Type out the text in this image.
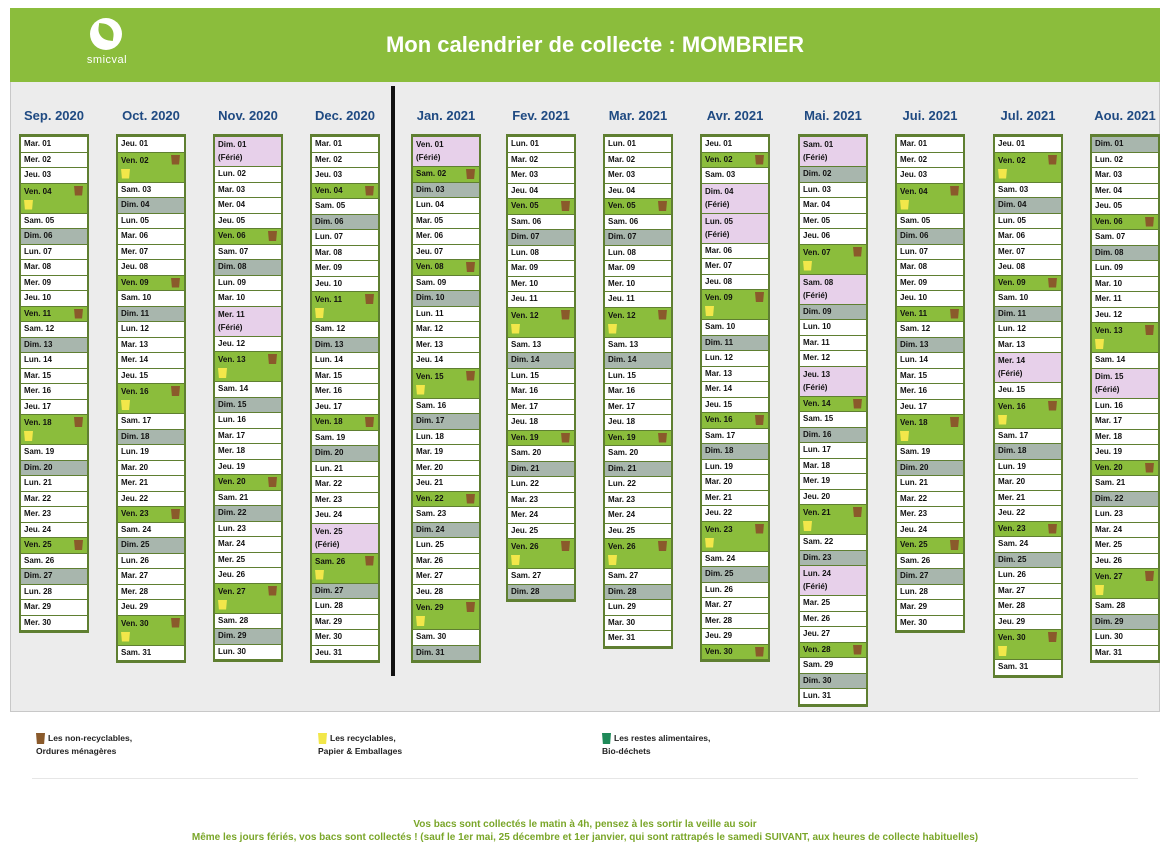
smicval
Mon calendrier de collecte : MOMBRIER
Sep. 2020
Mar. 01
Mer. 02
Jeu. 03
Ven. 04
Sam. 05
Dim. 06
Lun. 07
Mar. 08
Mer. 09
Jeu. 10
Ven. 11
Sam. 12
Dim. 13
Lun. 14
Mar. 15
Mer. 16
Jeu. 17
Ven. 18
Sam. 19
Dim. 20
Lun. 21
Mar. 22
Mer. 23
Jeu. 24
Ven. 25
Sam. 26
Dim. 27
Lun. 28
Mar. 29
Mer. 30
Oct. 2020
Jeu. 01
Ven. 02
Sam. 03
Dim. 04
Lun. 05
Mar. 06
Mer. 07
Jeu. 08
Ven. 09
Sam. 10
Dim. 11
Lun. 12
Mar. 13
Mer. 14
Jeu. 15
Ven. 16
Sam. 17
Dim. 18
Lun. 19
Mar. 20
Mer. 21
Jeu. 22
Ven. 23
Sam. 24
Dim. 25
Lun. 26
Mar. 27
Mer. 28
Jeu. 29
Ven. 30
Sam. 31
Nov. 2020
Dim. 01
(Férié)
Lun. 02
Mar. 03
Mer. 04
Jeu. 05
Ven. 06
Sam. 07
Dim. 08
Lun. 09
Mar. 10
Mer. 11
(Férié)
Jeu. 12
Ven. 13
Sam. 14
Dim. 15
Lun. 16
Mar. 17
Mer. 18
Jeu. 19
Ven. 20
Sam. 21
Dim. 22
Lun. 23
Mar. 24
Mer. 25
Jeu. 26
Ven. 27
Sam. 28
Dim. 29
Lun. 30
Dec. 2020
Mar. 01
Mer. 02
Jeu. 03
Ven. 04
Sam. 05
Dim. 06
Lun. 07
Mar. 08
Mer. 09
Jeu. 10
Ven. 11
Sam. 12
Dim. 13
Lun. 14
Mar. 15
Mer. 16
Jeu. 17
Ven. 18
Sam. 19
Dim. 20
Lun. 21
Mar. 22
Mer. 23
Jeu. 24
Ven. 25
(Férié)
Sam. 26
Dim. 27
Lun. 28
Mar. 29
Mer. 30
Jeu. 31
Jan. 2021
Ven. 01
(Férié)
Sam. 02
Dim. 03
Lun. 04
Mar. 05
Mer. 06
Jeu. 07
Ven. 08
Sam. 09
Dim. 10
Lun. 11
Mar. 12
Mer. 13
Jeu. 14
Ven. 15
Sam. 16
Dim. 17
Lun. 18
Mar. 19
Mer. 20
Jeu. 21
Ven. 22
Sam. 23
Dim. 24
Lun. 25
Mar. 26
Mer. 27
Jeu. 28
Ven. 29
Sam. 30
Dim. 31
Fev. 2021
Lun. 01
Mar. 02
Mer. 03
Jeu. 04
Ven. 05
Sam. 06
Dim. 07
Lun. 08
Mar. 09
Mer. 10
Jeu. 11
Ven. 12
Sam. 13
Dim. 14
Lun. 15
Mar. 16
Mer. 17
Jeu. 18
Ven. 19
Sam. 20
Dim. 21
Lun. 22
Mar. 23
Mer. 24
Jeu. 25
Ven. 26
Sam. 27
Dim. 28
Mar. 2021
Lun. 01
Mar. 02
Mer. 03
Jeu. 04
Ven. 05
Sam. 06
Dim. 07
Lun. 08
Mar. 09
Mer. 10
Jeu. 11
Ven. 12
Sam. 13
Dim. 14
Lun. 15
Mar. 16
Mer. 17
Jeu. 18
Ven. 19
Sam. 20
Dim. 21
Lun. 22
Mar. 23
Mer. 24
Jeu. 25
Ven. 26
Sam. 27
Dim. 28
Lun. 29
Mar. 30
Mer. 31
Avr. 2021
Jeu. 01
Ven. 02
Sam. 03
Dim. 04
(Férié)
Lun. 05
(Férié)
Mar. 06
Mer. 07
Jeu. 08
Ven. 09
Sam. 10
Dim. 11
Lun. 12
Mar. 13
Mer. 14
Jeu. 15
Ven. 16
Sam. 17
Dim. 18
Lun. 19
Mar. 20
Mer. 21
Jeu. 22
Ven. 23
Sam. 24
Dim. 25
Lun. 26
Mar. 27
Mer. 28
Jeu. 29
Ven. 30
Mai. 2021
Sam. 01
(Férié)
Dim. 02
Lun. 03
Mar. 04
Mer. 05
Jeu. 06
Ven. 07
Sam. 08
(Férié)
Dim. 09
Lun. 10
Mar. 11
Mer. 12
Jeu. 13
(Férié)
Ven. 14
Sam. 15
Dim. 16
Lun. 17
Mar. 18
Mer. 19
Jeu. 20
Ven. 21
Sam. 22
Dim. 23
Lun. 24
(Férié)
Mar. 25
Mer. 26
Jeu. 27
Ven. 28
Sam. 29
Dim. 30
Lun. 31
Jui. 2021
Mar. 01
Mer. 02
Jeu. 03
Ven. 04
Sam. 05
Dim. 06
Lun. 07
Mar. 08
Mer. 09
Jeu. 10
Ven. 11
Sam. 12
Dim. 13
Lun. 14
Mar. 15
Mer. 16
Jeu. 17
Ven. 18
Sam. 19
Dim. 20
Lun. 21
Mar. 22
Mer. 23
Jeu. 24
Ven. 25
Sam. 26
Dim. 27
Lun. 28
Mar. 29
Mer. 30
Jul. 2021
Jeu. 01
Ven. 02
Sam. 03
Dim. 04
Lun. 05
Mar. 06
Mer. 07
Jeu. 08
Ven. 09
Sam. 10
Dim. 11
Lun. 12
Mar. 13
Mer. 14
(Férié)
Jeu. 15
Ven. 16
Sam. 17
Dim. 18
Lun. 19
Mar. 20
Mer. 21
Jeu. 22
Ven. 23
Sam. 24
Dim. 25
Lun. 26
Mar. 27
Mer. 28
Jeu. 29
Ven. 30
Sam. 31
Aou. 2021
Dim. 01
Lun. 02
Mar. 03
Mer. 04
Jeu. 05
Ven. 06
Sam. 07
Dim. 08
Lun. 09
Mar. 10
Mer. 11
Jeu. 12
Ven. 13
Sam. 14
Dim. 15
(Férié)
Lun. 16
Mar. 17
Mer. 18
Jeu. 19
Ven. 20
Sam. 21
Dim. 22
Lun. 23
Mar. 24
Mer. 25
Jeu. 26
Ven. 27
Sam. 28
Dim. 29
Lun. 30
Mar. 31
Les non-recyclables,
Ordures ménagères
Les recyclables,
Papier & Emballages
Les restes alimentaires,
Bio-déchets
Vos bacs sont collectés le matin à 4h, pensez à les sortir la veille au soir
Même les jours fériés, vos bacs sont collectés ! (sauf le 1er mai, 25 décembre et 1er janvier, qui sont rattrapés le samedi SUIVANT, aux heures de collecte habituelles)
